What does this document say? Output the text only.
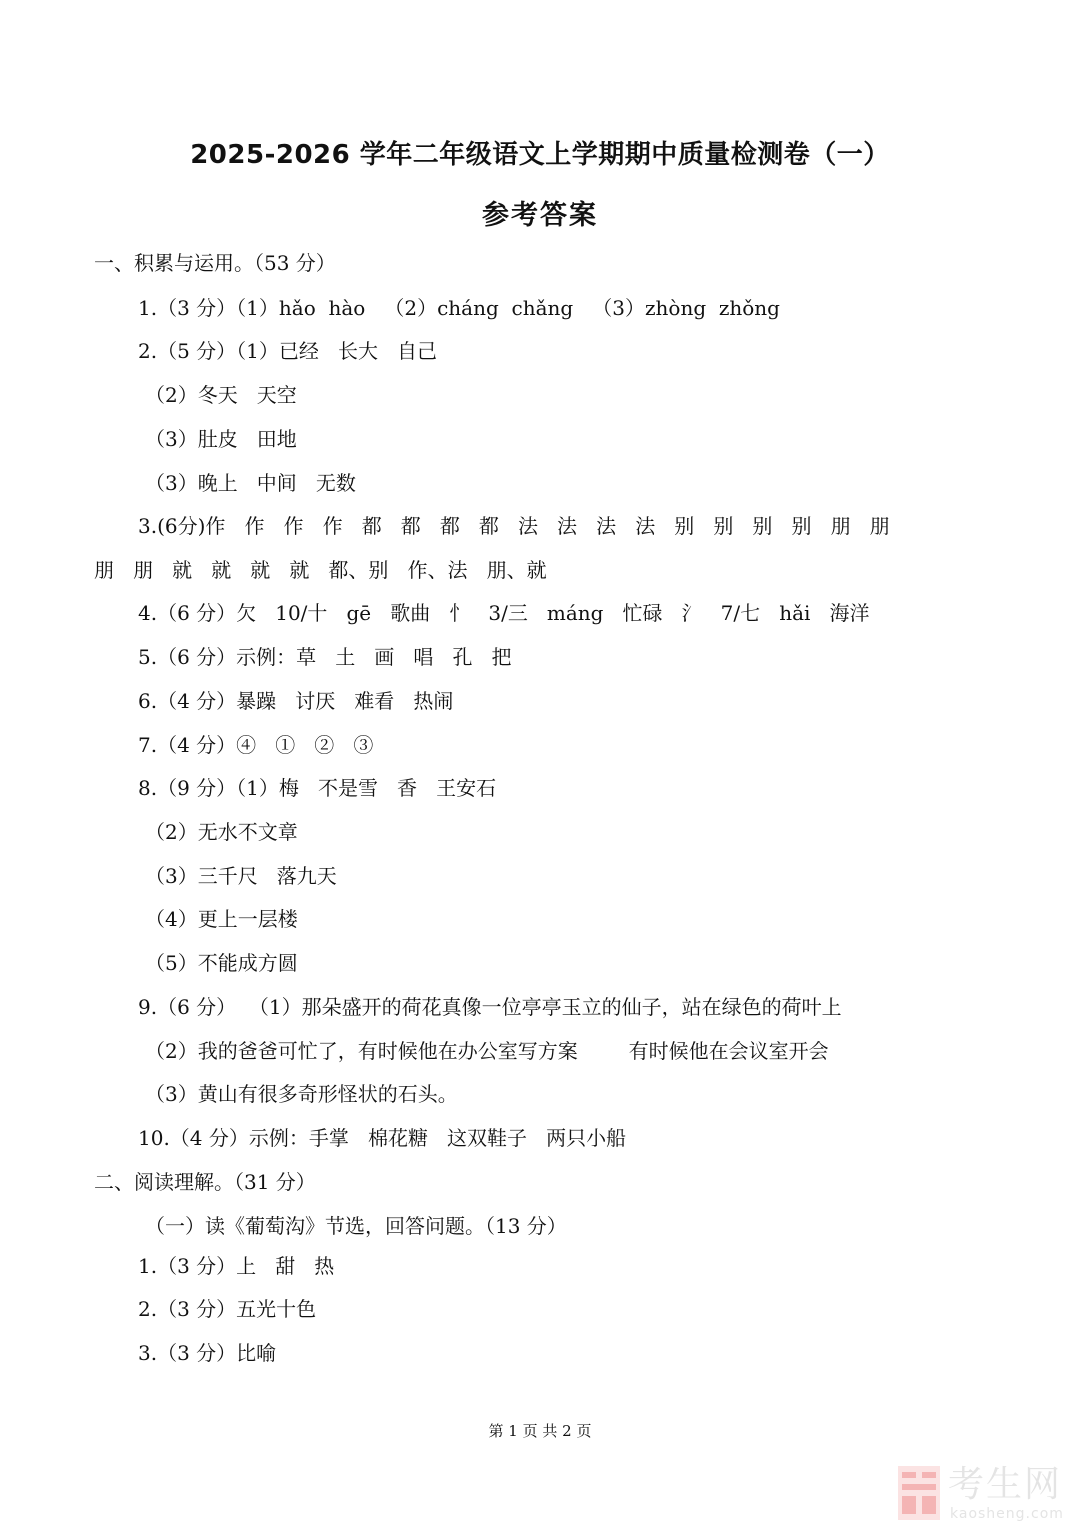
2025-2026 学年二年级语文上学期期中质量检测卷（一）
参考答案
一、积累与运用。（53 分）
1.（3 分）（1）hǎo  hào   （2）cháng  chǎng   （3）zhòng  zhǒng
2.（5 分）（1）已经   长大   自己
（2）冬天   天空
（3）肚皮   田地
（3）晚上   中间   无数
3.(6分)作   作   作   作   都   都   都   都   法   法   法   法   别   别   别   别   朋   朋
朋   朋   就   就   就   就   都、别   作、法   朋、就
4.（6 分）欠   10/十   gē   歌曲   忄   3/三   máng   忙碌   氵   7/七   hǎi   海洋
5.（6 分）示例：草   土   画   唱   孔   把
6.（4 分）暴躁   讨厌   难看   热闹
7.（4 分）④   ①   ②   ③
8.（9 分）（1）梅   不是雪   香   王安石
（2）无水不文章
（3）三千尺   落九天
（4）更上一层楼
（5）不能成方圆
9.（6 分）  （1）那朵盛开的荷花真像一位亭亭玉立的仙子，站在绿色的荷叶上
（2）我的爸爸可忙了，有时候他在办公室写方案        有时候他在会议室开会
（3）黄山有很多奇形怪状的石头。
10.（4 分）示例：手掌   棉花糖   这双鞋子   两只小船
二、阅读理解。（31 分）
（一）读《葡萄沟》节选，回答问题。（13 分）
1.（3 分）上   甜   热
2.（3 分）五光十色
3.（3 分）比喻
第 1 页 共 2 页
考生网
kaosheng.com
